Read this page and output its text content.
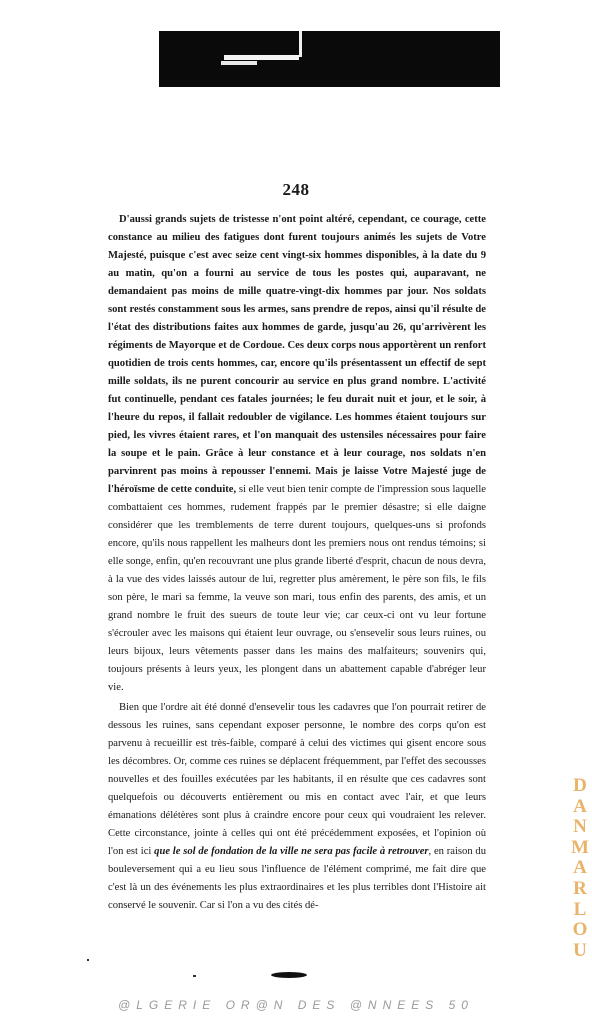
248

D'aussi grands sujets de tristesse n'ont point altéré, cependant, ce courage, cette constance au milieu des fatigues dont furent toujours animés les sujets de Votre Majesté, puisque c'est avec seize cent vingt-six hommes disponibles, à la date du 9 au matin, qu'on a fourni au service de tous les postes qui, auparavant, ne demandaient pas moins de mille quatre-vingt-dix hommes par jour. Nos soldats sont restés constamment sous les armes, sans prendre de repos, ainsi qu'il résulte de l'état des distributions faites aux hommes de garde, jusqu'au 26, qu'arrivèrent les régiments de Mayorque et de Cordoue. Ces deux corps nous apportèrent un renfort quotidien de trois cents hommes, car, encore qu'ils présentassent un effectif de sept mille soldats, ils ne purent concourir au service en plus grand nombre. L'activité fut continuelle, pendant ces fatales journées; le feu durait nuit et jour, et le soir, à l'heure du repos, il fallait redoubler de vigilance. Les hommes étaient toujours sur pied, les vivres étaient rares, et l'on manquait des ustensiles nécessaires pour faire la soupe et le pain. Grâce à leur constance et à leur courage, nos soldats n'en parvinrent pas moins à repousser l'ennemi. Mais je laisse Votre Majesté juge de l'héroïsme de cette conduite, si elle veut bien tenir compte de l'impression sous laquelle combattaient ces hommes, rudement frappés par le premier désastre; si elle daigne considérer que les tremblements de terre durent toujours, quelques-uns si profonds encore, qu'ils nous rappellent les malheurs dont les premiers nous ont rendus témoins; si elle songe, enfin, qu'en recouvrant une plus grande liberté d'esprit, chacun de nous devra, à la vue des vides laissés autour de lui, regretter plus amèrement, le père son fils, le fils son père, le mari sa femme, la veuve son mari, tous enfin des parents, des amis, et un grand nombre le fruit des sueurs de toute leur vie; car ceux-ci ont vu leur fortune s'écrouler avec les maisons qui étaient leur ouvrage, ou s'ensevelir sous leurs ruines, ou leurs bijoux, leurs vêtements passer dans les mains des malfaiteurs; souvenirs qui, toujours présents à leurs yeux, les plongent dans un abattement capable d'abréger leur vie.

Bien que l'ordre ait été donné d'ensevelir tous les cadavres que l'on pourrait retirer de dessous les ruines, sans cependant exposer personne, le nombre des corps qu'on est parvenu à recueillir est très-faible, comparé à celui des victimes qui gisent encore sous les décombres. Or, comme ces ruines se déplacent fréquemment, par l'effet des secousses nouvelles et des fouilles exécutées par les habitants, il en résulte que ces cadavres sont quelquefois ou découverts entièrement ou mis en contact avec l'air, et que leurs émanations délétères sont plus à craindre encore pour ceux qui voudraient les relever. Cette circonstance, jointe à celles qui ont été précédemment exposées, et l'opinion où l'on est ici que le sol de fondation de la ville ne sera pas facile à retrouver, en raison du bouleversement qui a eu lieu sous l'influence de l'élément comprimé, me fait dire que c'est là un des événements les plus extraordinaires et les plus terribles dont l'Histoire ait conservé le souvenir. Car si l'on a vu des cités dé-

D
A
N
M
A
R
L
O
U
@LGERIE OR@N DES @NNEES 50
